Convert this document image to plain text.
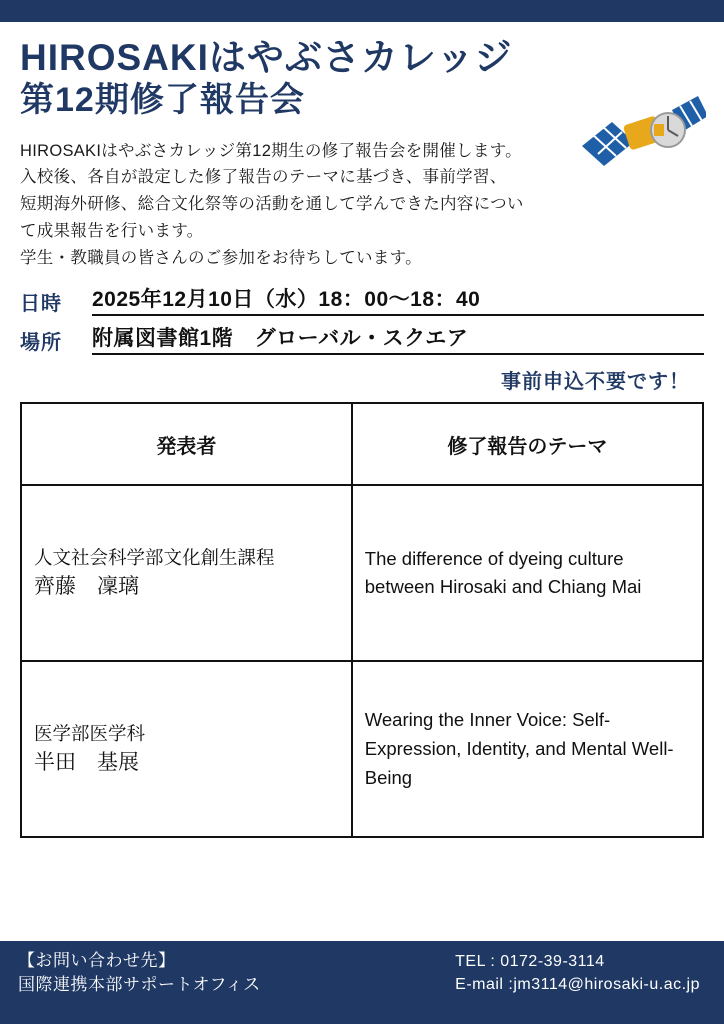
HIROSAKIはやぶさカレッジ
第12期修了報告会

HIROSAKIはやぶさカレッジ第12期生の修了報告会を開催します。

入校後、各自が設定した修了報告のテーマに基づき、事前学習、

短期海外研修、総合文化祭等の活動を通して学んできた内容につい

て成果報告を行います。

学生・教職員の皆さんのご参加をお待ちしています。

日時	2025年12月10日（水）18：00～18：40
場所	附属図書館1階　グローバル・スクエア
事前申込不要です！
発表者	修了報告のテーマ

人文社会科学部文化創生課程
齊藤　凜璃	The difference of dyeing culture between Hirosaki and Chiang Mai

医学部医学科
半田　基展	Wearing the Inner Voice: Self-Expression, Identity, and Mental Well-Being
【お問い合わせ先】
国際連携本部サポートオフィス
TEL : 0172-39-3114
E-mail :jm3114@hirosaki-u.ac.jp
